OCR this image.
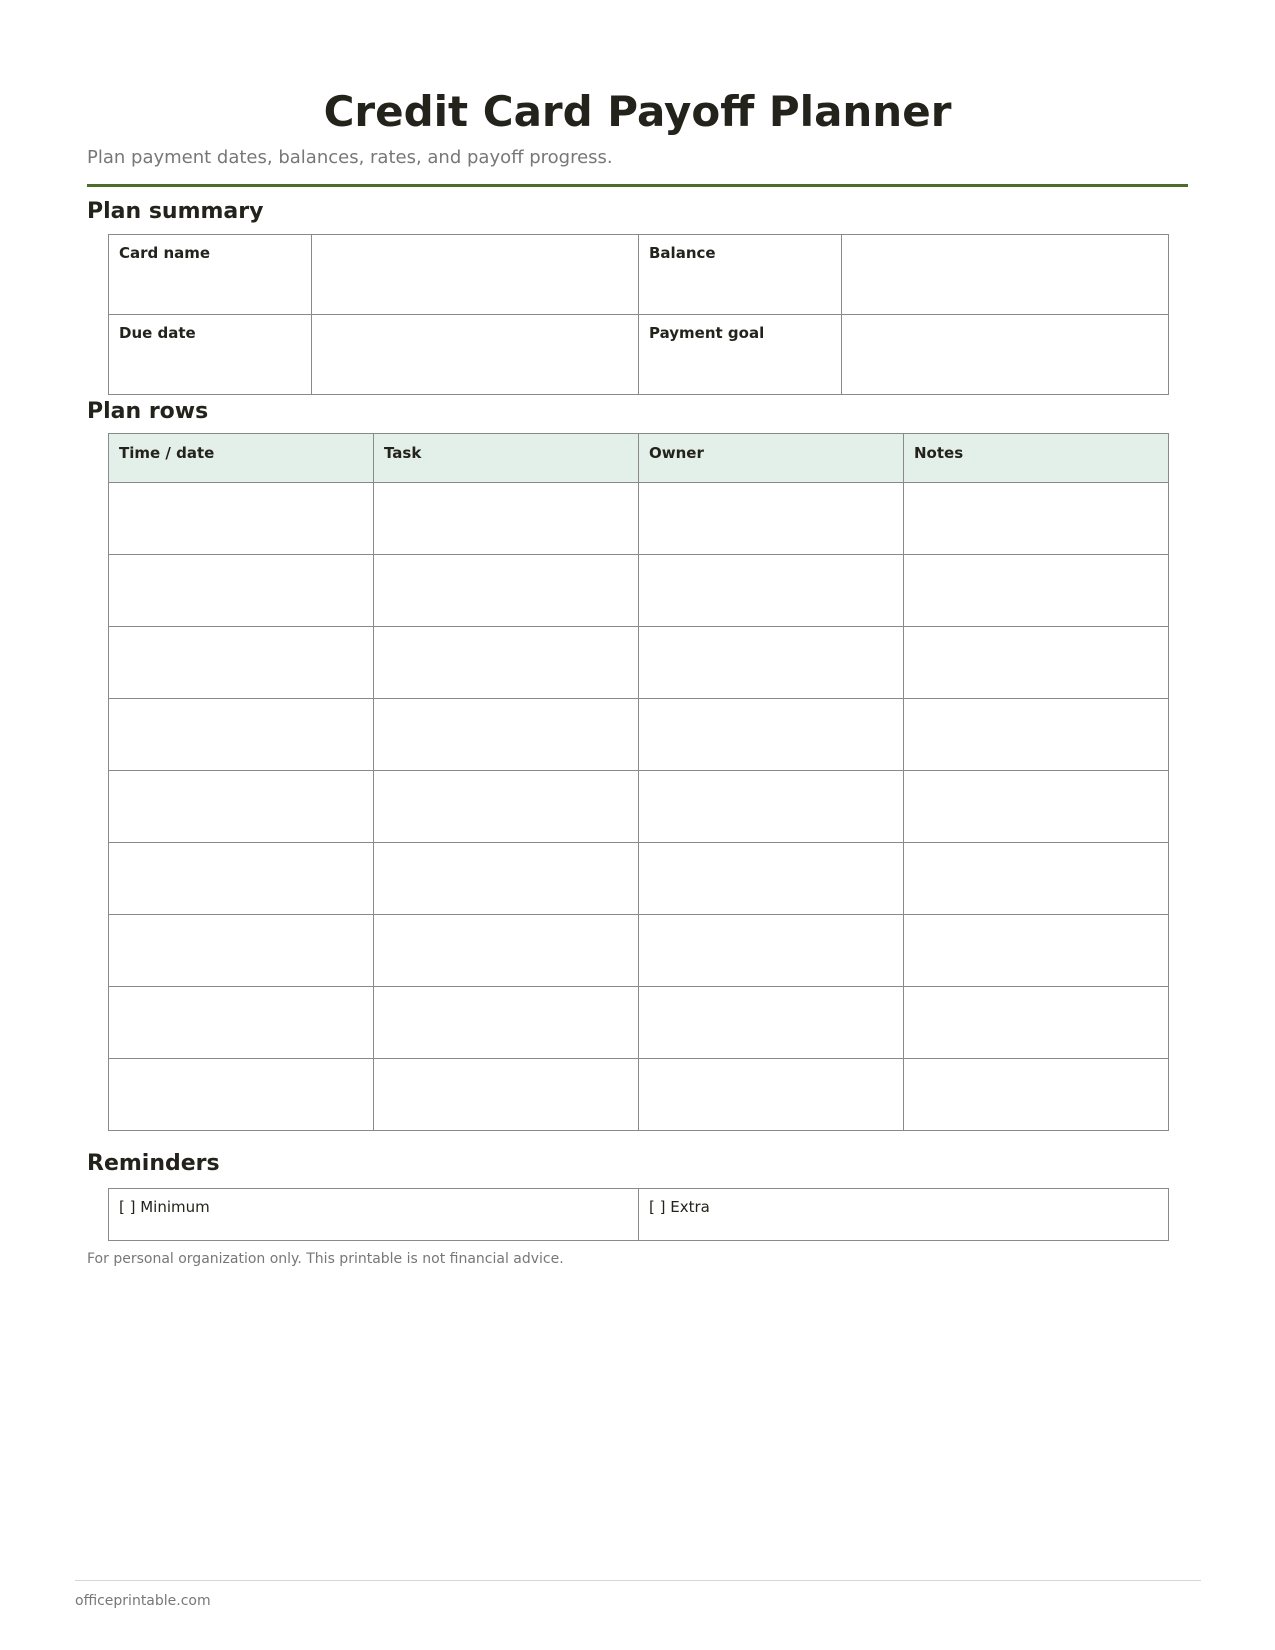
Credit Card Payoff Planner

Plan payment dates, balances, rates, and payoff progress.

Plan summary
Card name		Balance	
Due date		Payment goal	
Plan rows
Time / date	Task	Owner	Notes

Reminders
[ ] Minimum	[ ] Extra

For personal organization only. This printable is not financial advice.

officeprintable.com
